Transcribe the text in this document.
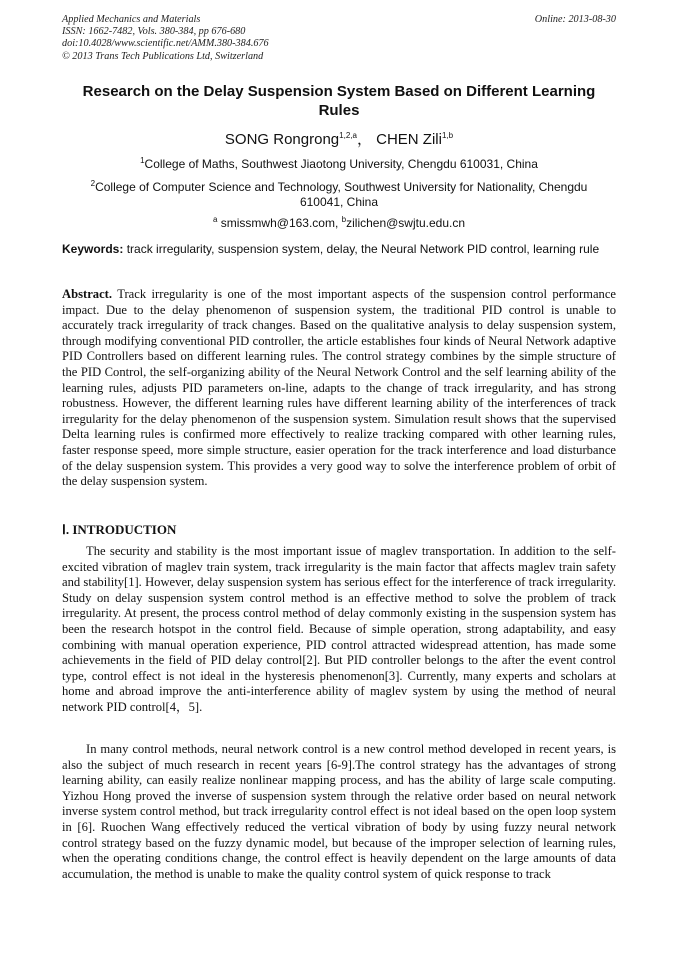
Applied Mechanics and Materials
ISSN: 1662-7482, Vols. 380-384, pp 676-680
doi:10.4028/www.scientific.net/AMM.380-384.676
© 2013 Trans Tech Publications Ltd, Switzerland
Online: 2013-08-30
Research on the Delay Suspension System Based on Different Learning Rules
SONG Rongrong$^{1,2,a}$， CHEN Zili$^{1,b}$
$^1$College of Maths, Southwest Jiaotong University, Chengdu 610031, China
$^2$College of Computer Science and Technology, Southwest University for Nationality, Chengdu 610041, China
$^a$ smissmwh@163.com, $^b$zilichen@swjtu.edu.cn
Keywords: track irregularity, suspension system, delay, the Neural Network PID control, learning rule
Abstract. Track irregularity is one of the most important aspects of the suspension control performance impact. Due to the delay phenomenon of suspension system, the traditional PID control is unable to accurately track irregularity of track changes. Based on the qualitative analysis to delay suspension system, through modifying conventional PID controller, the article establishes four kinds of Neural Network adaptive PID Controllers based on different learning rules. The control strategy combines by the simple structure of the PID Control, the self-organizing ability of the Neural Network Control and the self learning ability of the learning rules, adjusts PID parameters on-line, adapts to the change of track irregularity, and has strong robustness. However, the different learning rules have different learning ability of the interferences of track irregularity for the delay phenomenon of the suspension system. Simulation result shows that the supervised Delta learning rules is confirmed more effectively to realize tracking compared with other learning rules, faster response speed, more simple structure, easier operation for the track interference and load disturbance of the delay suspension system. This provides a very good way to solve the interference problem of orbit of the delay suspension system.
Ⅰ. INTRODUCTION

The security and stability is the most important issue of maglev transportation. In addition to the self-excited vibration of maglev train system, track irregularity is the main factor that affects maglev train safety and stability[1]. However, delay suspension system has serious effect for the interference of track irregularity. Study on delay suspension system control method is an effective method to solve the problem of track irregularity. At present, the process control method of delay commonly existing in the suspension system has been the research hotspot in the control field. Because of simple operation, strong adaptability, and easy combining with manual operation experience, PID control attracted widespread attention, has made some achievements in the field of PID delay control[2]. But PID controller belongs to the after the event control type, control effect is not ideal in the hysteresis phenomenon[3]. Currently, many experts and scholars at home and abroad improve the anti-interference ability of maglev system by using the method of neural network PID control[4，5].

In many control methods, neural network control is a new control method developed in recent years, is also the subject of much research in recent years [6-9].The control strategy has the advantages of strong learning ability, can easily realize nonlinear mapping process, and has the ability of large scale computing. Yizhou Hong proved the inverse of suspension system through the relative order based on neural network inverse system control method, but track irregularity control effect is not ideal based on the open loop system in [6]. Ruochen Wang effectively reduced the vertical vibration of body by using fuzzy neural network control strategy based on the fuzzy dynamic model, but because of the improper selection of learning rules, when the operating conditions change, the control effect is heavily dependent on the large amounts of data accumulation, the method is unable to make the quality control system of quick response to track
